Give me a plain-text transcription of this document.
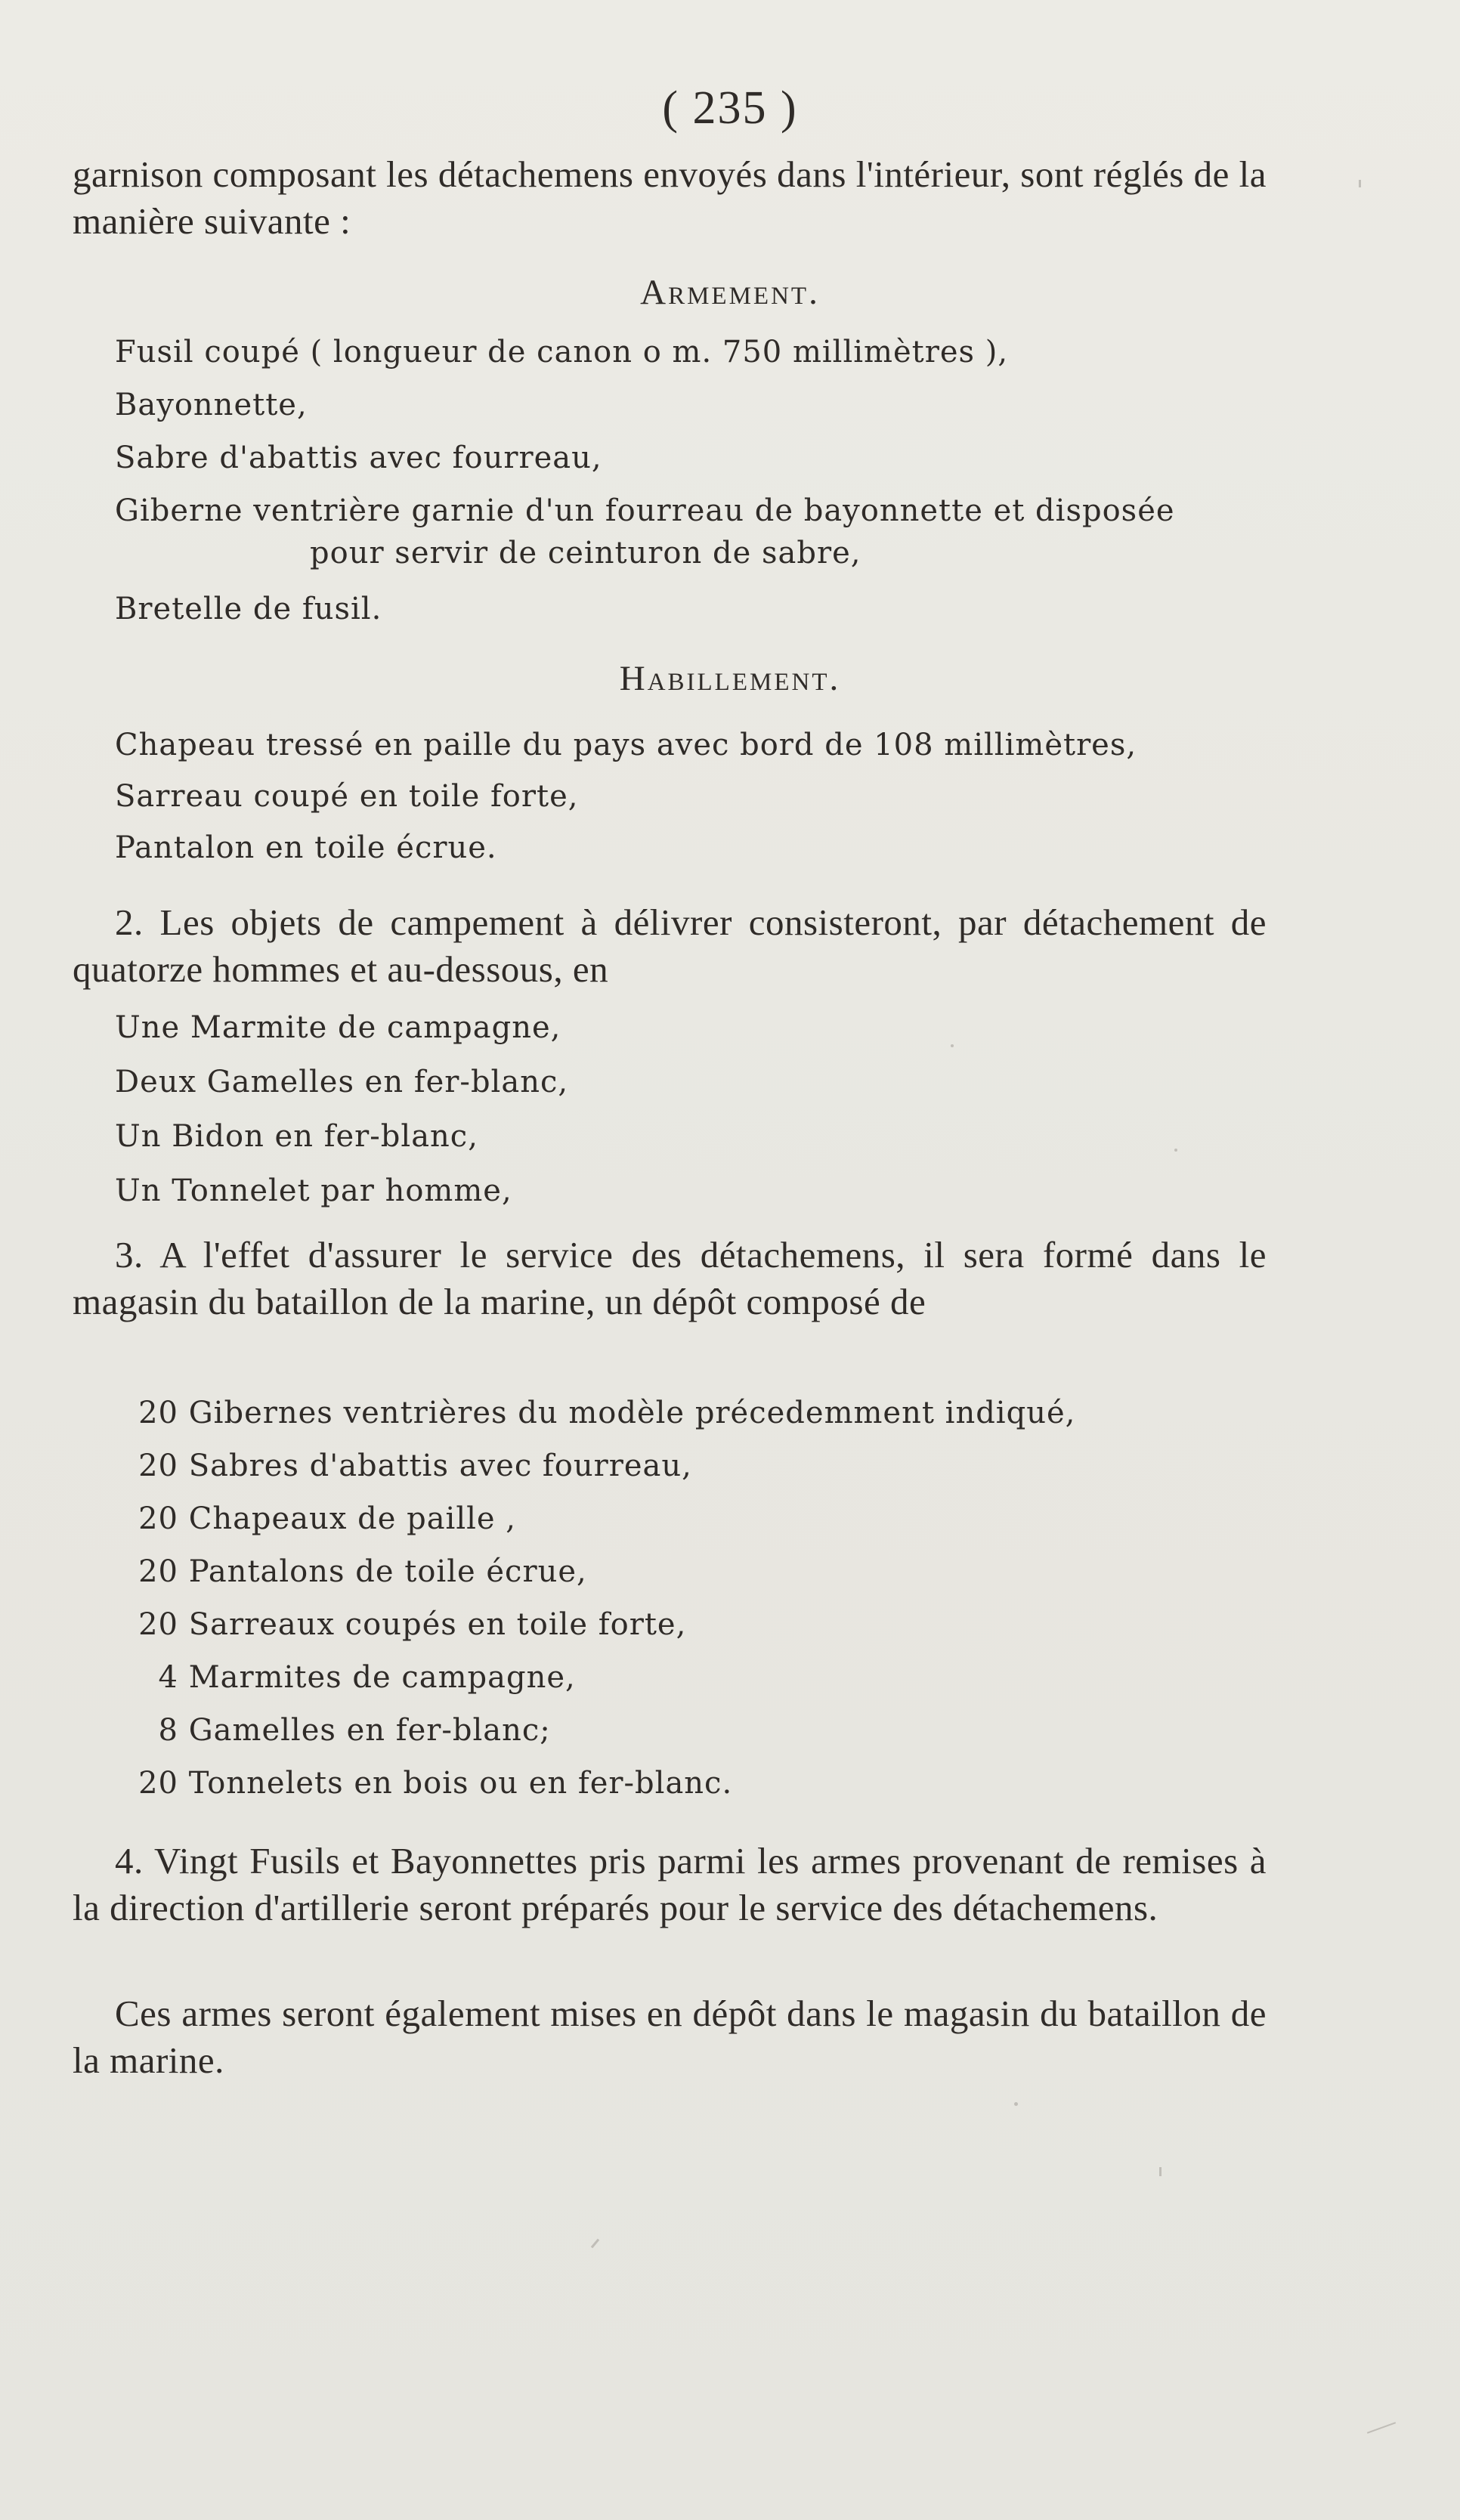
( 235 )
garnison composant les détachemens envoyés dans l'intérieur, sont réglés de la manière suivante :
Armement.
Fusil coupé ( longueur de canon o m. 750 millimètres ),
Bayonnette,
Sabre d'abattis avec fourreau,
Giberne ventrière garnie d'un fourreau de bayonnette et disposée
pour servir de ceinturon de sabre,
Bretelle de fusil.
Habillement.
Chapeau tressé en paille du pays avec bord de 108 millimètres,
Sarreau coupé en toile forte,
Pantalon en toile écrue.
2. Les objets de campement à délivrer consisteront, par détachement de quatorze hommes et au-dessous, en
Une Marmite de campagne,
Deux Gamelles en fer-blanc,
Un Bidon en fer-blanc,
Un Tonnelet par homme,
3. A l'effet d'assurer le service des détachemens, il sera formé dans le magasin du bataillon de la marine, un dépôt composé de
20 Gibernes ventrières du modèle précedemment indiqué,
20 Sabres d'abattis avec fourreau,
20 Chapeaux de paille ,
20 Pantalons de toile écrue,
20 Sarreaux coupés en toile forte,
4 Marmites de campagne,
8 Gamelles en fer-blanc;
20 Tonnelets en bois ou en fer-blanc.
4. Vingt Fusils et Bayonnettes pris parmi les armes provenant de remises à la direction d'artillerie seront préparés pour le service des détachemens.
Ces armes seront également mises en dépôt dans le magasin du bataillon de la marine.
